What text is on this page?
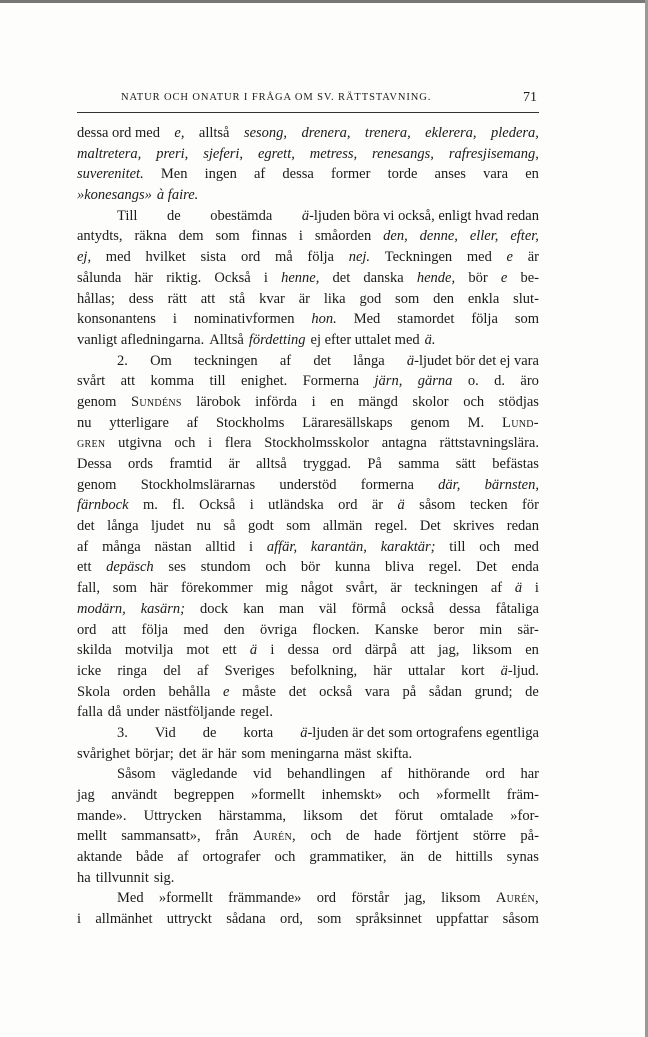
NATUR OCH ONATUR I FRÅGA OM SV. RÄTTSTAVNING.	71
dessa ord med e, alltså sesong, drenera, trenera, eklerera, pledera,
maltretera, preri, sjeferi, egrett, metress, renesangs, rafresjisemang,
suverenitet. Men ingen af dessa former torde anses vara en
»konesangs» à faire.
Till de obestämda ä-ljuden böra vi också, enligt hvad redan
antydts, räkna dem som finnas i småorden den, denne, eller, efter,
ej, med hvilket sista ord må följa nej. Teckningen med e är
sålunda här riktig. Också i henne, det danska hende, bör e be-
hållas; dess rätt att stå kvar är lika god som den enkla slut-
konsonantens i nominativformen hon. Med stamordet följa som
vanligt afledningarna. Alltså fördetting ej efter uttalet med ä.
2. Om teckningen af det långa ä-ljudet bör det ej vara
svårt att komma till enighet. Formerna järn, gärna o. d. äro
genom Sundéns lärobok införda i en mängd skolor och stödjas
nu ytterligare af Stockholms Läraresällskaps genom M. Lund-
gren utgivna och i flera Stockholmsskolor antagna rättstavningslära.
Dessa ords framtid är alltså tryggad. På samma sätt befästas
genom Stockholmslärarnas understöd formerna där, bärnsten,
färnbock m. fl. Också i utländska ord är ä såsom tecken för
det långa ljudet nu så godt som allmän regel. Det skrives redan
af många nästan alltid i affär, karantän, karaktär; till och med
ett depäsch ses stundom och bör kunna bliva regel. Det enda
fall, som här förekommer mig något svårt, är teckningen af ä i
modärn, kasärn; dock kan man väl förmå också dessa fåtaliga
ord att följa med den övriga flocken. Kanske beror min sär-
skilda motvilja mot ett ä i dessa ord därpå att jag, liksom en
icke ringa del af Sveriges befolkning, här uttalar kort ä-ljud.
Skola orden behålla e måste det också vara på sådan grund; de
falla då under nästföljande regel.
3. Vid de korta ä-ljuden är det som ortografens egentliga
svårighet börjar; det är här som meningarna mäst skifta.
Såsom vägledande vid behandlingen af hithörande ord har
jag användt begreppen »formellt inhemskt» och »formellt främ-
mande». Uttrycken härstamma, liksom det förut omtalade »for-
mellt sammansatt», från Aurén, och de hade förtjent större på-
aktande både af ortografer och grammatiker, än de hittills synas
ha tillvunnit sig.
Med »formellt främmande» ord förstår jag, liksom Aurén,
i allmänhet uttryckt sådana ord, som språksinnet uppfattar såsom
